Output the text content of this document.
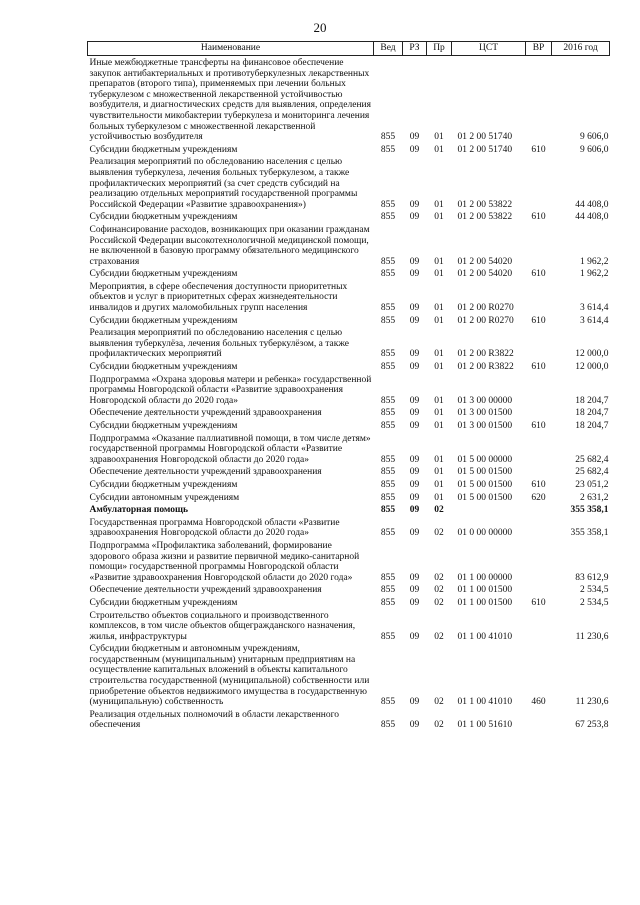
20
Наименование	Вед	РЗ	Пр	ЦСТ	ВР	2016 год
Иные межбюджетные трансферты на финансовое обеспечение закупок антибактериальных и противотуберкулезных лекарственных препаратов (второго типа), применяемых при лечении больных туберкулезом с множественной лекарственной устойчивостью возбудителя, и диагностических средств для выявления, определения чувствительности микобактерии туберкулеза и мониторинга лечения больных туберкулезом с множественной лекарственной устойчивостью возбудителя	855	09	01	01 2 00 51740		9 606,0
Субсидии бюджетным учреждениям	855	09	01	01 2 00 51740	610	9 606,0
Реализация мероприятий по обследованию населения с целью выявления туберкулеза, лечения больных туберкулезом, а также профилактических мероприятий (за счет средств субсидий на реализацию отдельных мероприятий государственной программы Российской Федерации «Развитие здравоохранения»)	855	09	01	01 2 00 53822		44 408,0
Субсидии бюджетным учреждениям	855	09	01	01 2 00 53822	610	44 408,0
Софинансирование расходов, возникающих при оказании гражданам Российской Федерации высокотехнологичной медицинской помощи, не включенной в базовую программу обязательного медицинского страхования	855	09	01	01 2 00 54020		1 962,2
Субсидии бюджетным учреждениям	855	09	01	01 2 00 54020	610	1 962,2
Мероприятия, в сфере обеспечения доступности приоритетных объектов и услуг в приоритетных сферах жизнедеятельности инвалидов и других маломобильных групп населения	855	09	01	01 2 00 R0270		3 614,4
Субсидии бюджетным учреждениям	855	09	01	01 2 00 R0270	610	3 614,4
Реализация мероприятий по обследованию населения с целью выявления туберкулёза, лечения больных туберкулёзом, а также профилактических мероприятий	855	09	01	01 2 00 R3822		12 000,0
Субсидии бюджетным учреждениям	855	09	01	01 2 00 R3822	610	12 000,0
Подпрограмма «Охрана здоровья матери и ребенка» государственной программы Новгородской области «Развитие здравоохранения Новгородской области до 2020 года»	855	09	01	01 3 00 00000		18 204,7
Обеспечение деятельности учреждений здравоохранения	855	09	01	01 3 00 01500		18 204,7
Субсидии бюджетным учреждениям	855	09	01	01 3 00 01500	610	18 204,7
Подпрограмма «Оказание паллиативной помощи, в том числе детям» государственной программы Новгородской области «Развитие здравоохранения Новгородской области до 2020 года»	855	09	01	01 5 00 00000		25 682,4
Обеспечение деятельности учреждений здравоохранения	855	09	01	01 5 00 01500		25 682,4
Субсидии бюджетным учреждениям	855	09	01	01 5 00 01500	610	23 051,2
Субсидии автономным учреждениям	855	09	01	01 5 00 01500	620	2 631,2
Амбулаторная помощь	855	09	02			355 358,1
Государственная программа Новгородской области «Развитие здравоохранения Новгородской области до 2020 года»	855	09	02	01 0 00 00000		355 358,1
Подпрограмма «Профилактика заболеваний, формирование здорового образа жизни и развитие первичной медико-санитарной помощи» государственной программы Новгородской области «Развитие здравоохранения Новгородской области до 2020 года»	855	09	02	01 1 00 00000		83 612,9
Обеспечение деятельности учреждений здравоохранения	855	09	02	01 1 00 01500		2 534,5
Субсидии бюджетным учреждениям	855	09	02	01 1 00 01500	610	2 534,5
Строительство объектов социального и производственного комплексов, в том числе объектов общегражданского назначения, жилья, инфраструктуры	855	09	02	01 1 00 41010		11 230,6
Субсидии бюджетным и автономным учреждениям, государственным (муниципальным) унитарным предприятиям на осуществление капитальных вложений в объекты капитального строительства государственной (муниципальной) собственности или приобретение объектов недвижимого имущества в государственную (муниципальную) собственность	855	09	02	01 1 00 41010	460	11 230,6
Реализация отдельных полномочий в области лекарственного обеспечения	855	09	02	01 1 00 51610		67 253,8
